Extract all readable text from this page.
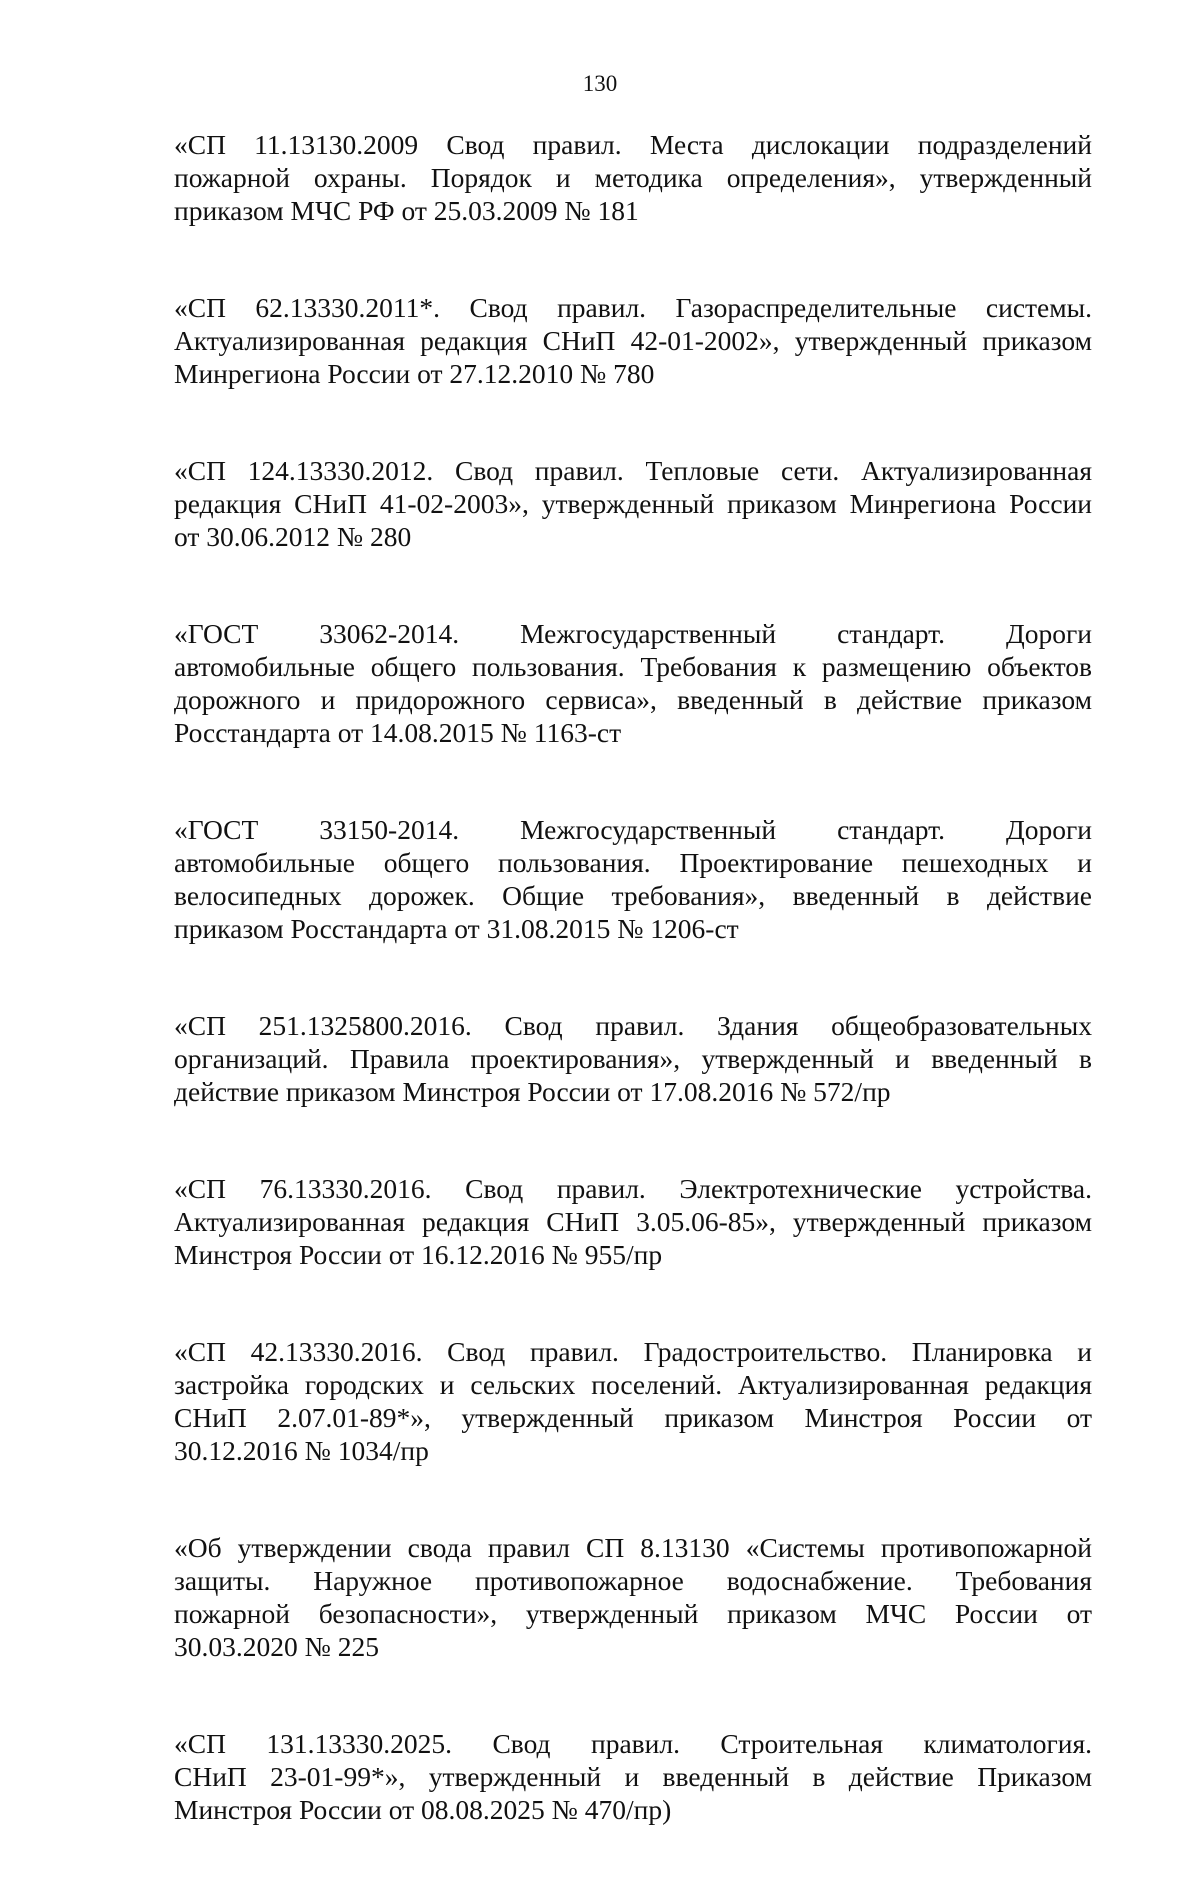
130

«СП 11.13130.2009 Свод правил. Места дислокации подразделений
пожарной охраны. Порядок и методика определения», утвержденный
приказом МЧС РФ от 25.03.2009 № 181

«СП 62.13330.2011*. Свод правил. Газораспределительные системы.
Актуализированная редакция СНиП 42-01-2002», утвержденный приказом
Минрегиона России от 27.12.2010 № 780

«СП 124.13330.2012. Свод правил. Тепловые сети. Актуализированная
редакция СНиП 41-02-2003», утвержденный приказом Минрегиона России
от 30.06.2012 № 280

«ГОСТ 33062-2014. Межгосударственный стандарт. Дороги
автомобильные общего пользования. Требования к размещению объектов
дорожного и придорожного сервиса», введенный в действие приказом
Росстандарта от 14.08.2015 № 1163-ст

«ГОСТ 33150-2014. Межгосударственный стандарт. Дороги
автомобильные общего пользования. Проектирование пешеходных и
велосипедных дорожек. Общие требования», введенный в действие
приказом Росстандарта от 31.08.2015 № 1206-ст

«СП 251.1325800.2016. Свод правил. Здания общеобразовательных
организаций. Правила проектирования», утвержденный и введенный в
действие приказом Минстроя России от 17.08.2016 № 572/пр

«СП 76.13330.2016. Свод правил. Электротехнические устройства.
Актуализированная редакция СНиП 3.05.06-85», утвержденный приказом
Минстроя России от 16.12.2016 № 955/пр

«СП 42.13330.2016. Свод правил. Градостроительство. Планировка и
застройка городских и сельских поселений. Актуализированная редакция
СНиП 2.07.01-89*», утвержденный приказом Минстроя России от
30.12.2016 № 1034/пр

«Об утверждении свода правил СП 8.13130 «Системы противопожарной
защиты. Наружное противопожарное водоснабжение. Требования
пожарной безопасности», утвержденный приказом МЧС России от
30.03.2020 № 225

«СП 131.13330.2025. Свод правил. Строительная климатология.
СНиП 23-01-99*», утвержденный и введенный в действие Приказом
Минстроя России от 08.08.2025 № 470/пр)
